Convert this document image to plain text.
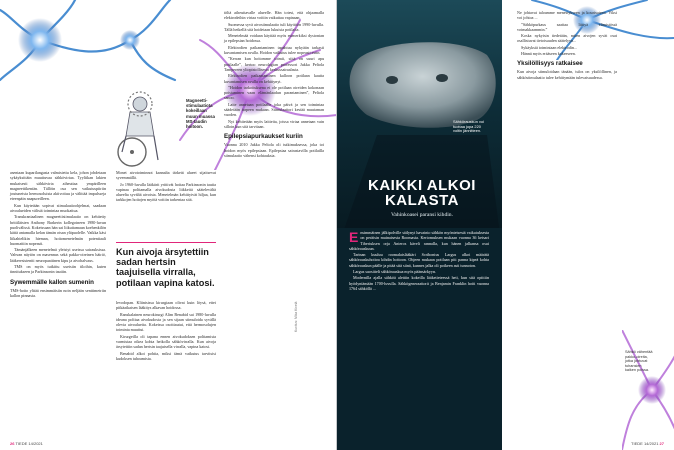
Magneetti-
stimulaatiota
kokeillaan
muun muassa
MS-taudin
hoitoon.

asentaan kuparilangasta valmistettu kela, johon johdetaan sykäyksittäin muuttuvaa sähkövirtaa. Tyyliikan lakien mukaisesti sähkövirta aiheuttaa ympärilleen magneettikentän. Tällöin osa sen vaikutuspiiriin joutuneista hermosoluista aktivoituu ja välittää impulsseja eteenpäin naapureilleen.

Kun käytetään sopivat stimulaatioohjelmat, saadaan aivoalueiden välistä toimintaa muokattua.

Transkraniaalinen magneettistimulaatio on kehitetty brittiläisten Anthony Barkerin kollegoineen 1980-luvun puolivälissä. Kokeissaan hän sai liikuttamaan koehenkilön kättä antamalla kelan tämän otsan yläpuolelle. Vaikka käsi liikahtelikin hieman, hoitomenetelmän potentiaali huomattiin nopeasti.

Tämänjälkeen menetelmä yleistyi useissa sairauksissa. Vahvan näytön on masennus sekä pakko-oireinen häiriö, lääkeresistentti neuropaattinen kipu ja aivohalvaus.

TMS on myös tutkittu useisiin tiloihin, kuten tinnitukseen ja Parkinsonin tautiin.

Sywemmälle kallon sumenin

TMS-hoito ylttää ensimmäisiin noin neljään senttimetriin kallon pinnasta.

Monet aivotoiminnot kannalta tärkeät alueet sijaitsevat syvemmällä.

Jo 1960-luvulla lääkärit yrittivät hoitaa Parkinsonin tautia vapinaa polttamalla aivokudosta liikkeitä säätelevältä alueelta syvältä aivoista. Menetelmän kehittyivät hiljaa, kun tarkkojen hoitojen myötä voitiin tarkentaa sitä.

Kun aivoja ärsytettiin sadan hertsin taajuisella virralla, potilaan vapina katosi.

levodopan. Kliinisissa kirurgiaan olivat kuin löysä, ettei pitkäaikaisen lääkitys alkavan hoidossa.

Ranskalainen neurokirurgi Alim Benabid sai 1980-luvulla ideana polttaa aivokudosta ja sen sijaan stimuloida syvällä olevia aivoalueita. Kokeissa osoittautui, että hermosolujen toiminta muuttui.

Kirurgeilla oli tapana ennen aivokudoksen polttamista varmistaa oikea kohta heikolla sähkövirralla. Kun aivoja ärsytettiin sadan hertsin taajuisella virralla, vapina katosi.

Benabid alkoi pohtia, miksi tämä vaikutus tarvitsisi kudoksen tuhoamista.

töltä aiheuttavalle alueelle. Hän totesi, että ohjaamalla elektrodeihin virtaa voitiin vaikuttaa vapinaan.

Suomessa syvä aivostimulaatio tuli käyttöön 1990-luvulla. Tällä hetkellä sitä hoidetaan lukuisia potilaita.

Menetelmää voidaan käyttää myös esimerkiksi dystonian ja epilepsian hoidossa.

Elektrodien paikantaminen tapahtuu nykyään tarkasti kuvantamisen avulla. Hoidon vaikutus tulee nopeasti esiin.

”Kerran kun hoitomme toimii, siitä on suuri apu potilaalle”, kertoo neurologian professori Jukka Peltola Tampereen yliopistollisesta keskussairaalasta.

Elektrodien paikantaminen kalloon potilaan kautta kuvantamisen avulla on kehittynyt.

”Hoidon tarkoituksena ei ole potilaan oireiden kokonaan poistaminen vaan elämänlaadun parantaminen”, Peltola sanoo.

Laite annetaan potilaalle joka päivä ja sen toimintaa säädetään tarpeen mukaan. Stimulaattori kestää muutaman vuoden.

Nyt kehitetään myös laitteita, joissa virtaa annetaan vain silloin kun sitä tarvitaan.

Epilepsiapurkaukset kuriin

Vuonna 2010 Jukka Peltola oli tutkimuksessa, joka toi hoidon myös epilepsiaan. Epilepsiaa sairastavilla potilailla stimulaatio vähensi kohtauksia.

Kuvitus: Mika Kivelä
26 TIEDE 14/2021
Sähkörauskun voi
tuottaa jopa 220
voltin jännitteen.
KAIKKI ALKOI
KALASTA
Vahinkoasei paransi kihdin.

Ensimmäinen jälkipolville säilynyt havainto sähkön myönteisestä vaikutuksesta on peräisin muinaisesta Roomasta. Kertomuksen mukaan vuonna 36 keisari Tiberiuksen orja Anteros käveli rannalla, kun hänen jalkansa osui sähkörauskuun.

Tarinan kuuluu roomalaislääkäri Scribonius Largus alkoi määrätä sähkörauskuhoitoa kihdin hoitoon. Ohjeen mukaan potilaan piti panna kipeä kohta sähkörauskun päälle ja pitää sitä siinä, kunnes jalka oli poikeen asti tunnoton.

Largus suositteli sähkörauskua myös päänsärkyyn.

Modernilla ajalla sähköä alettiin kokeilla lääketieteessä heti, kun sitä opittiin hyödyntämään 1700-luvulla. Sähkögeneraattorit ja Benjamin Franklin hoiti vuonna 1764 sähköllä ...

Ne johtavat taloamme menestykseen ja kourisuteen. Viksi voi johtoa ...

”Sähköpurkaus saattaa liittyä elimistössä voimakkaammin.”

Koska nykyisin tiedetään, miten aivojen syvät osat osallistuvat tietoisuuden säätelyyn...

Sykäyksiä toimintaan elektrodin...

Hännä myös erääseen kokeeseen.

Yksilöllisyys ratkaisee

Kun aivoja stimuloidaan tänään, tulos on yksilöllinen, ja sähköstimulaatio tulee kehittymään tulevaisuudessa.

Sähkö vähentää
pakko-oireita,
jotka johtuvat
tuhansien
kaiken poissa.
TIEDE 14/2021 27
